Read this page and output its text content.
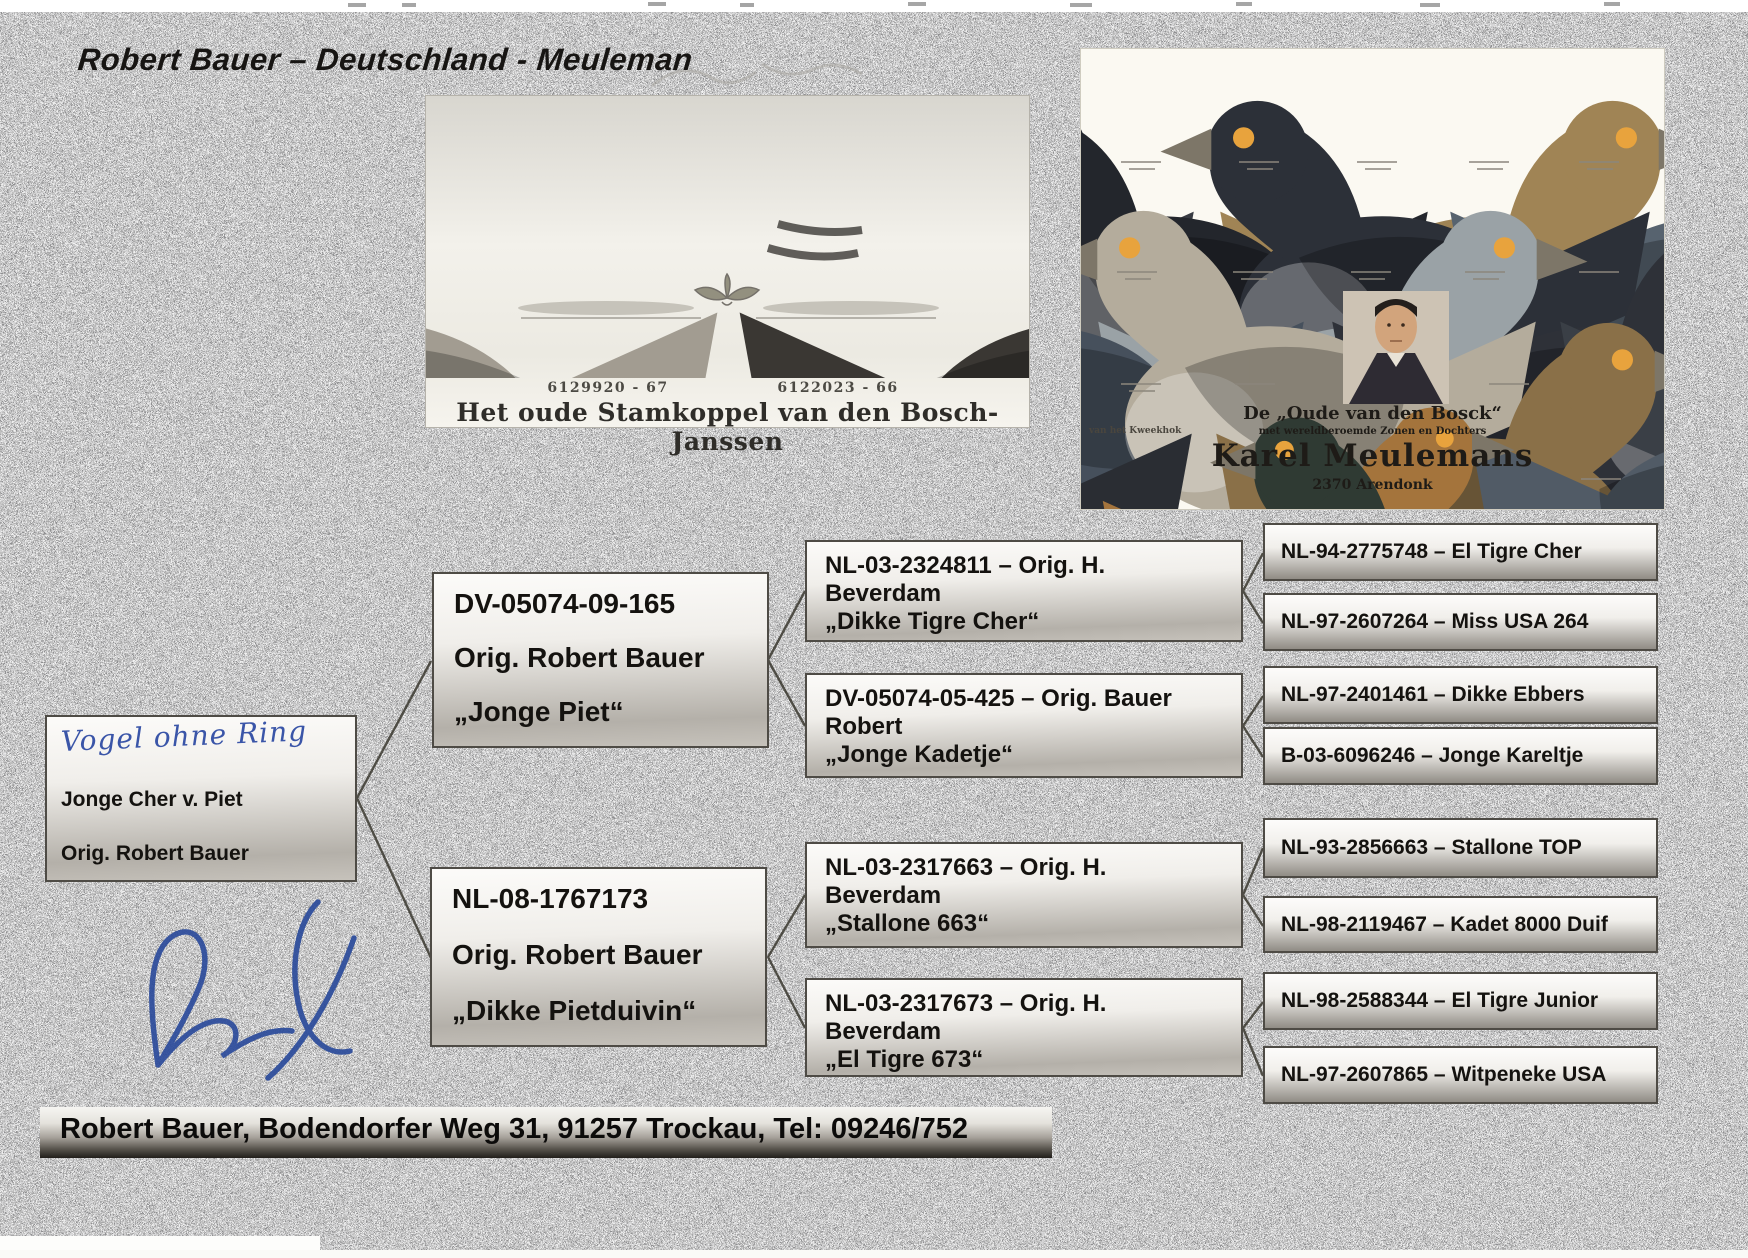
Robert Bauer – Deutschland - Meuleman
6129920 - 67	6122023 - 66
Het oude Stamkoppel van den Bosch-Janssen
De „Oude van den Bosck“
van het Kweekhok	met wereldberoemde Zonen en Dochters
Karel Meulemans
2370 Arendonk
Vogel ohne Ring
Jonge Cher v. Piet
Orig. Robert Bauer
DV-05074-09-165
Orig. Robert Bauer
„Jonge Piet“
NL-08-1767173
Orig. Robert Bauer
„Dikke Pietduivin“
NL-03-2324811 – Orig. H. Beverdam
„Dikke Tigre Cher“
DV-05074-05-425 – Orig. Bauer Robert
„Jonge Kadetje“
NL-03-2317663 – Orig. H. Beverdam
„Stallone 663“
NL-03-2317673 – Orig. H. Beverdam
„El Tigre 673“
NL-94-2775748 – El Tigre Cher
NL-97-2607264 – Miss USA 264
NL-97-2401461 – Dikke Ebbers
B-03-6096246 – Jonge Kareltje
NL-93-2856663 – Stallone TOP
NL-98-2119467 – Kadet 8000 Duif
NL-98-2588344 – El Tigre Junior
NL-97-2607865 – Witpeneke USA
Robert Bauer, Bodendorfer Weg 31, 91257 Trockau, Tel: 09246/752
